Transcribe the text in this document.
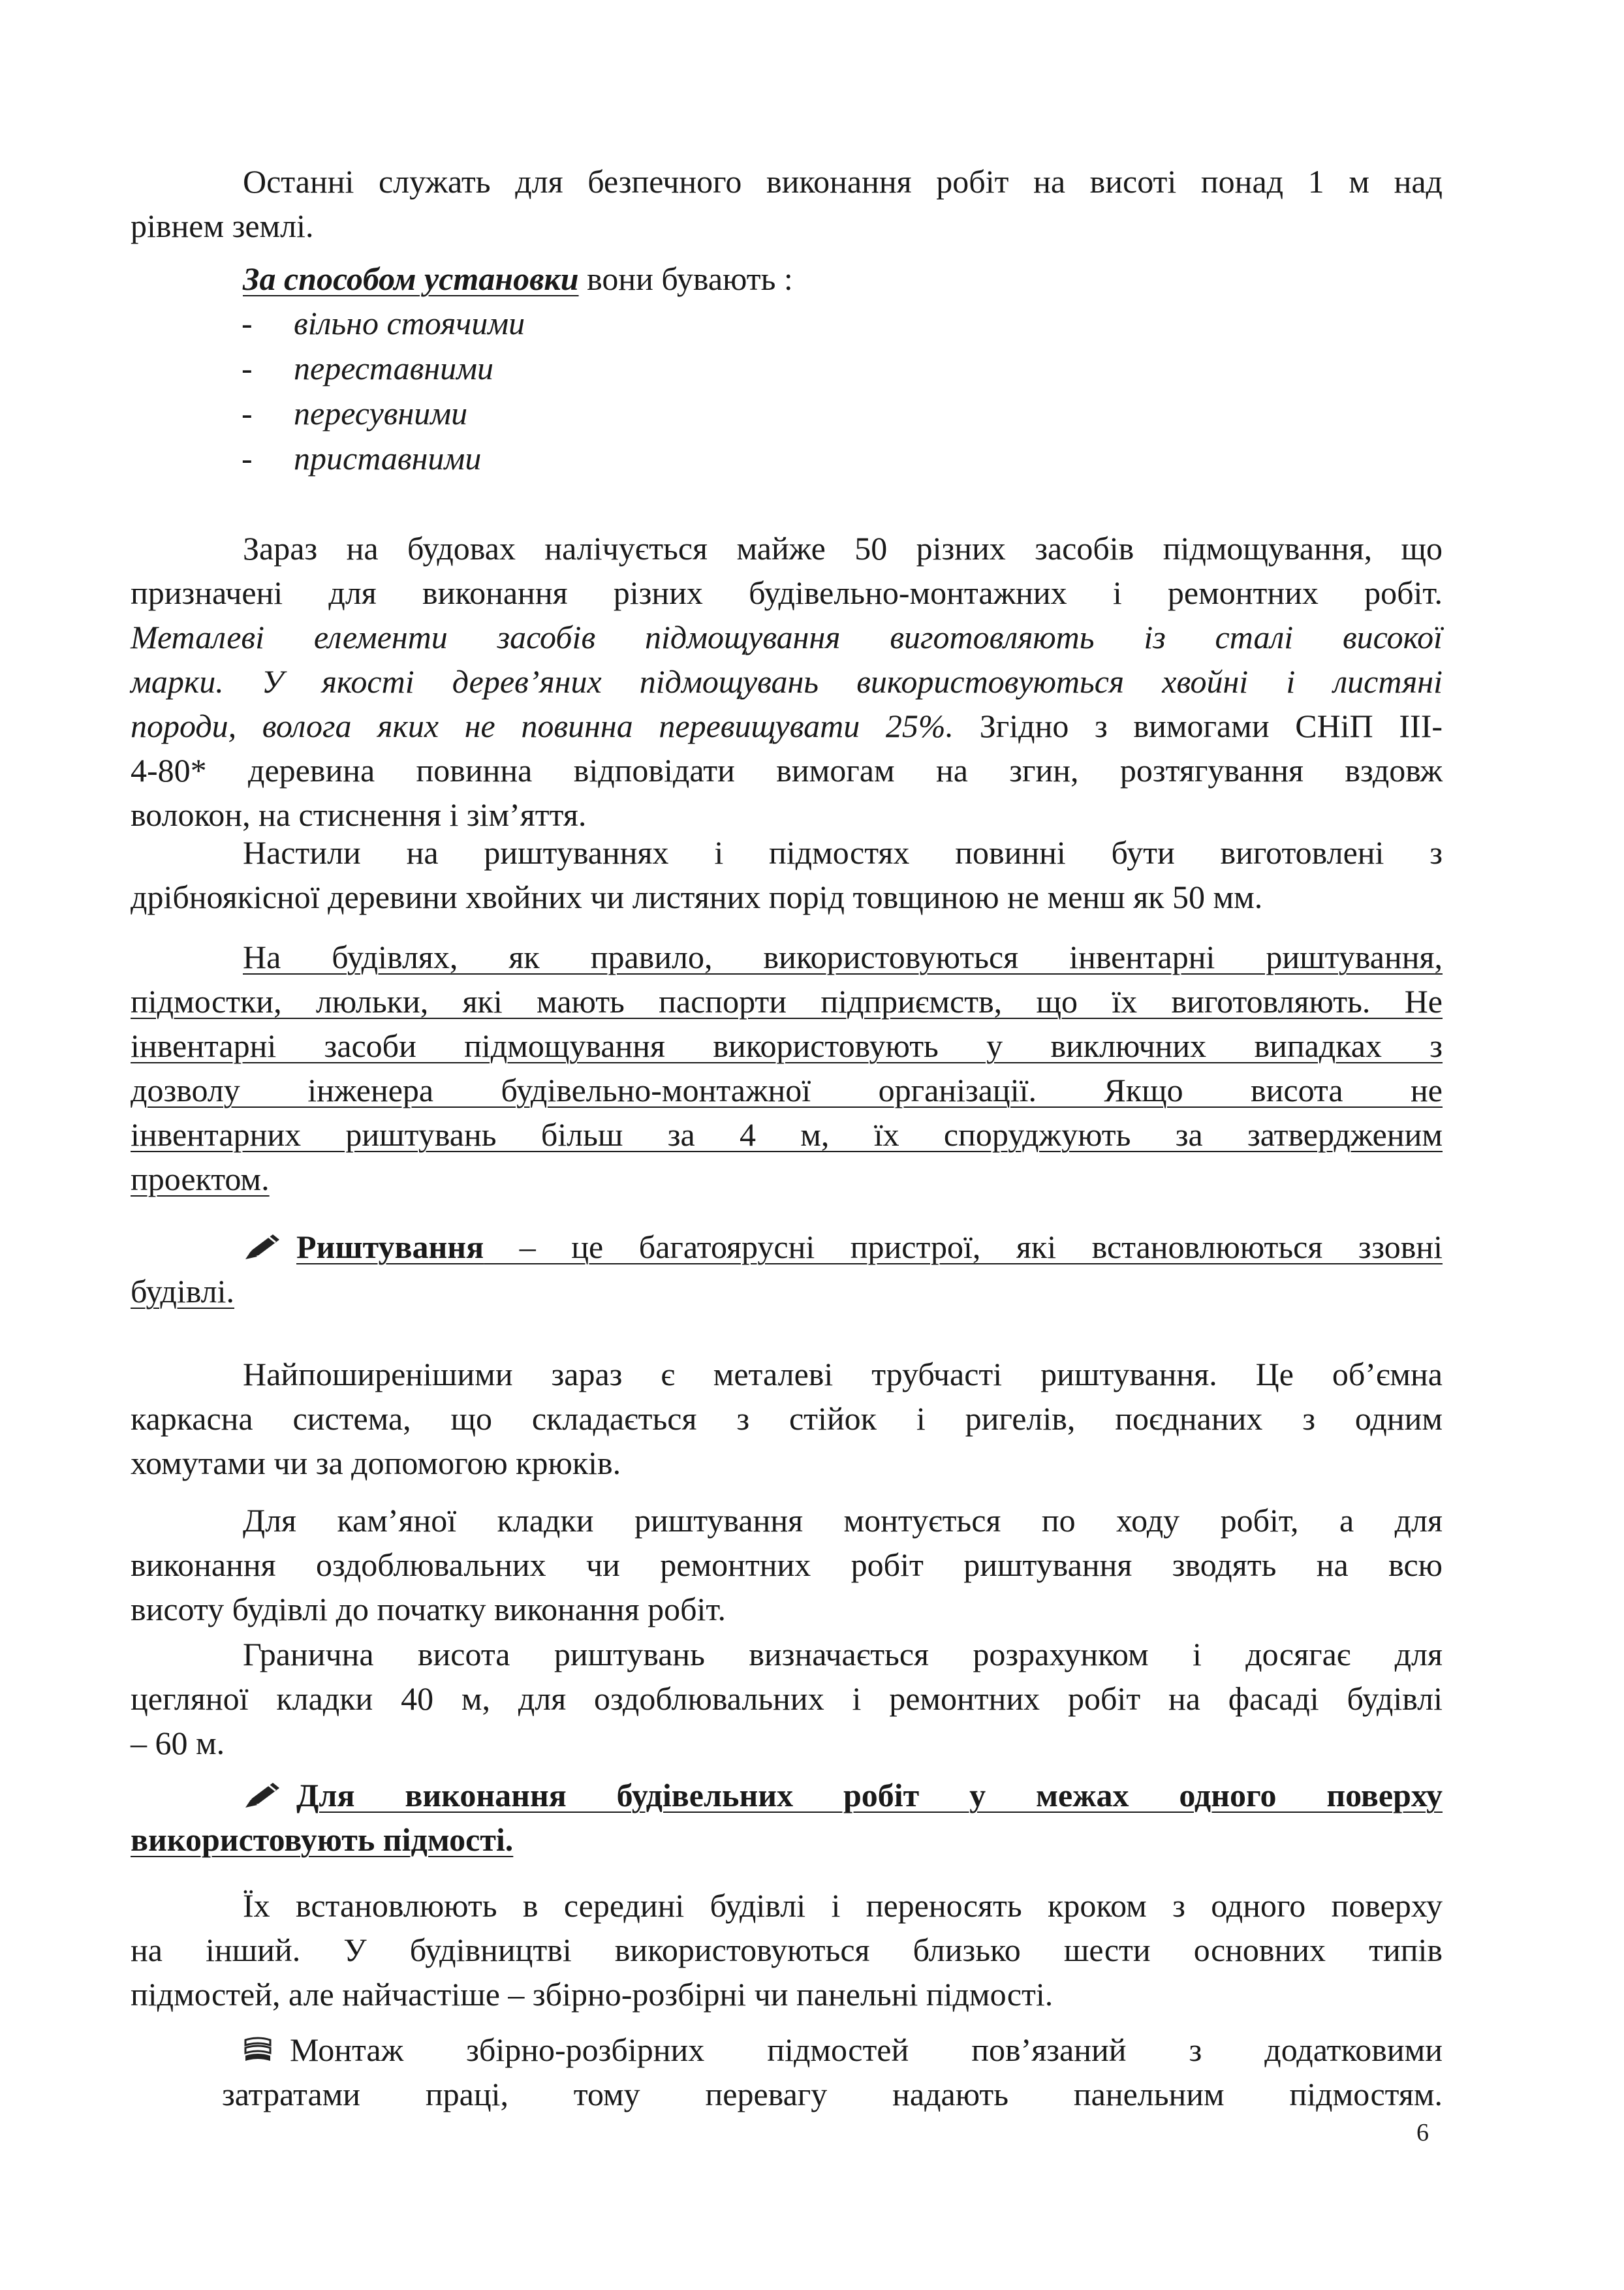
Останні служать для безпечного виконання робіт на висоті понад 1 м над
рівнем землі.
За способом установки вони бувають :
-	вільно стоячими
-	переставними
-	пересувними
-	приставними
Зараз на будовах налічується майже 50 різних засобів підмощування, що
призначені для виконання різних будівельно-монтажних і ремонтних робіт.
Металеві елементи засобів підмощування виготовляють із сталі високої
марки. У якості дерев’яних підмощувань використовуються хвойні і листяні
породи, волога яких не повинна перевищувати 25%. Згідно з вимогами СНіП ІІІ-
4-80* деревина повинна відповідати вимогам на згин, розтягування вздовж
волокон, на стиснення і зім’яття.
Настили на риштуваннях і підмостях повинні бути виготовлені з
дрібноякісної деревини хвойних чи листяних порід товщиною не менш як 50 мм.
На будівлях, як правило, використовуються інвентарні риштування,
підмостки, люльки, які мають паспорти підприємств, що їх виготовляють. Не
інвентарні засоби підмощування використовують у виключних випадках з
дозволу інженера будівельно-монтажної організації. Якщо висота не
інвентарних риштувань більш за 4 м, їх споруджують за затвердженим
проектом.
Риштування – це багатоярусні пристрої, які встановлюються ззовні
будівлі.
Найпоширенішими зараз є металеві трубчасті риштування. Це об’ємна
каркасна система, що складається з стійок і ригелів, поєднаних з одним
хомутами чи за допомогою крюків.
Для кам’яної кладки риштування монтується по ходу робіт, а для
виконання оздоблювальних чи ремонтних робіт риштування зводять на всю
висоту будівлі до початку виконання робіт.
Гранична висота риштувань визначається розрахунком і досягає для
цегляної кладки 40 м, для оздоблювальних і ремонтних робіт на фасаді будівлі
– 60 м.
Для виконання будівельних робіт у межах одного поверху
використовують підмості.
Їх встановлюють в середині будівлі і переносять кроком з одного поверху
на інший. У будівництві використовуються близько шести основних типів
підмостей, але найчастіше – збірно-розбірні чи панельні підмості.
Монтаж збірно-розбірних підмостей пов’язаний з додатковими
затратами праці, тому перевагу надають панельним підмостям.
6
